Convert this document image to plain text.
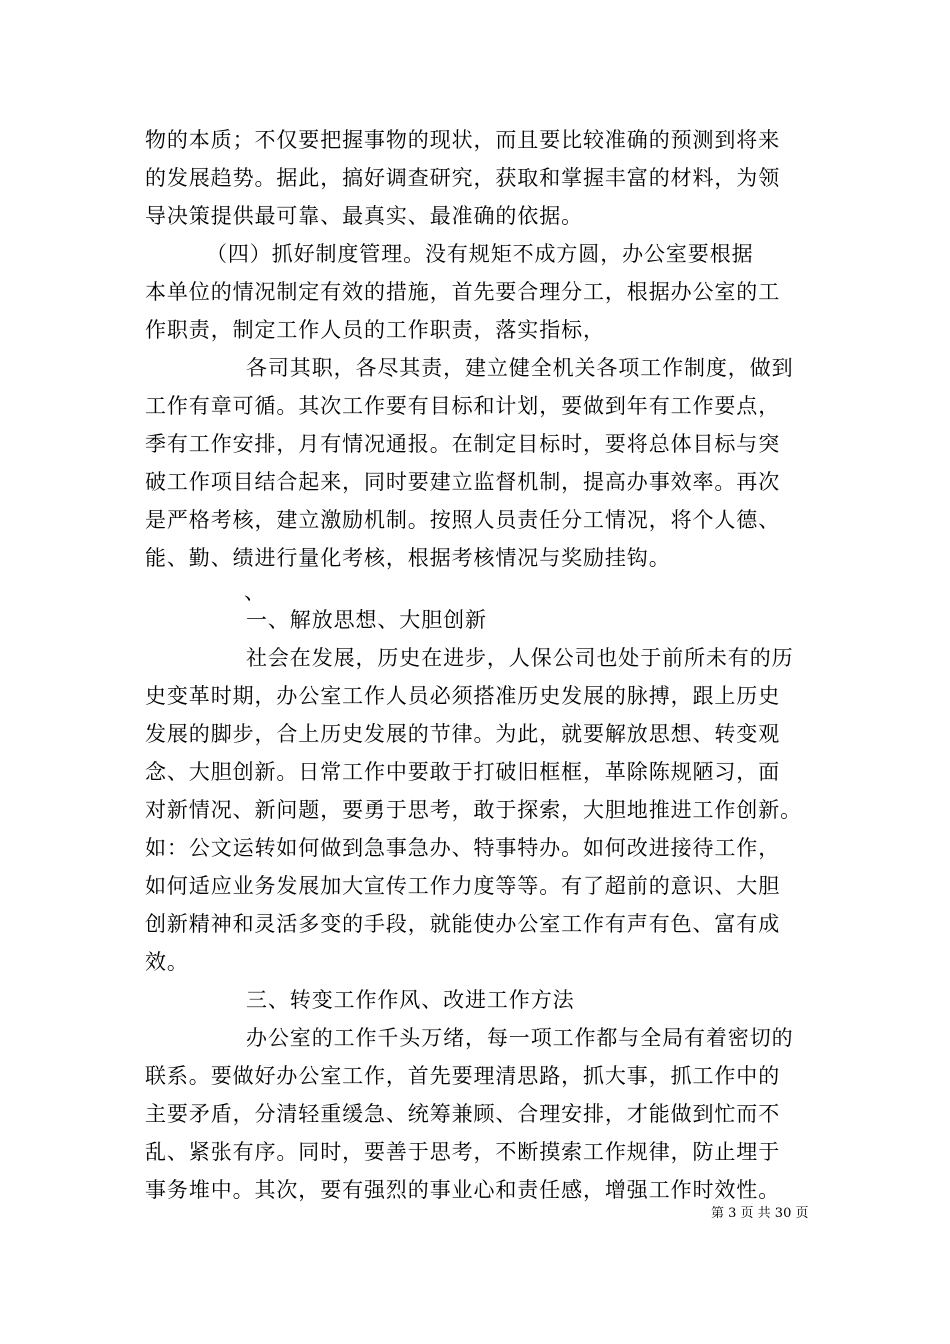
物的本质；不仅要把握事物的现状，而且要比较准确的预测到将来
的发展趋势。据此，搞好调查研究，获取和掌握丰富的材料，为领
导决策提供最可靠、最真实、最准确的依据。
（四）抓好制度管理。没有规矩不成方圆，办公室要根据
本单位的情况制定有效的措施，首先要合理分工，根据办公室的工
作职责，制定工作人员的工作职责，落实指标，
各司其职，各尽其责，建立健全机关各项工作制度，做到
工作有章可循。其次工作要有目标和计划，要做到年有工作要点，
季有工作安排，月有情况通报。在制定目标时，要将总体目标与突
破工作项目结合起来，同时要建立监督机制，提高办事效率。再次
是严格考核，建立激励机制。按照人员责任分工情况，将个人德、
能、勤、绩进行量化考核，根据考核情况与奖励挂钩。
、
一、解放思想、大胆创新
社会在发展，历史在进步，人保公司也处于前所未有的历
史变革时期，办公室工作人员必须搭准历史发展的脉搏，跟上历史
发展的脚步，合上历史发展的节律。为此，就要解放思想、转变观
念、大胆创新。日常工作中要敢于打破旧框框，革除陈规陋习，面
对新情况、新问题，要勇于思考，敢于探索，大胆地推进工作创新。
如：公文运转如何做到急事急办、特事特办。如何改进接待工作，
如何适应业务发展加大宣传工作力度等等。有了超前的意识、大胆
创新精神和灵活多变的手段，就能使办公室工作有声有色、富有成
效。
三、转变工作作风、改进工作方法
办公室的工作千头万绪，每一项工作都与全局有着密切的
联系。要做好办公室工作，首先要理清思路，抓大事，抓工作中的
主要矛盾，分清轻重缓急、统筹兼顾、合理安排，才能做到忙而不
乱、紧张有序。同时，要善于思考，不断摸索工作规律，防止埋于
事务堆中。其次，要有强烈的事业心和责任感，增强工作时效性。
第 3 页 共 30 页
